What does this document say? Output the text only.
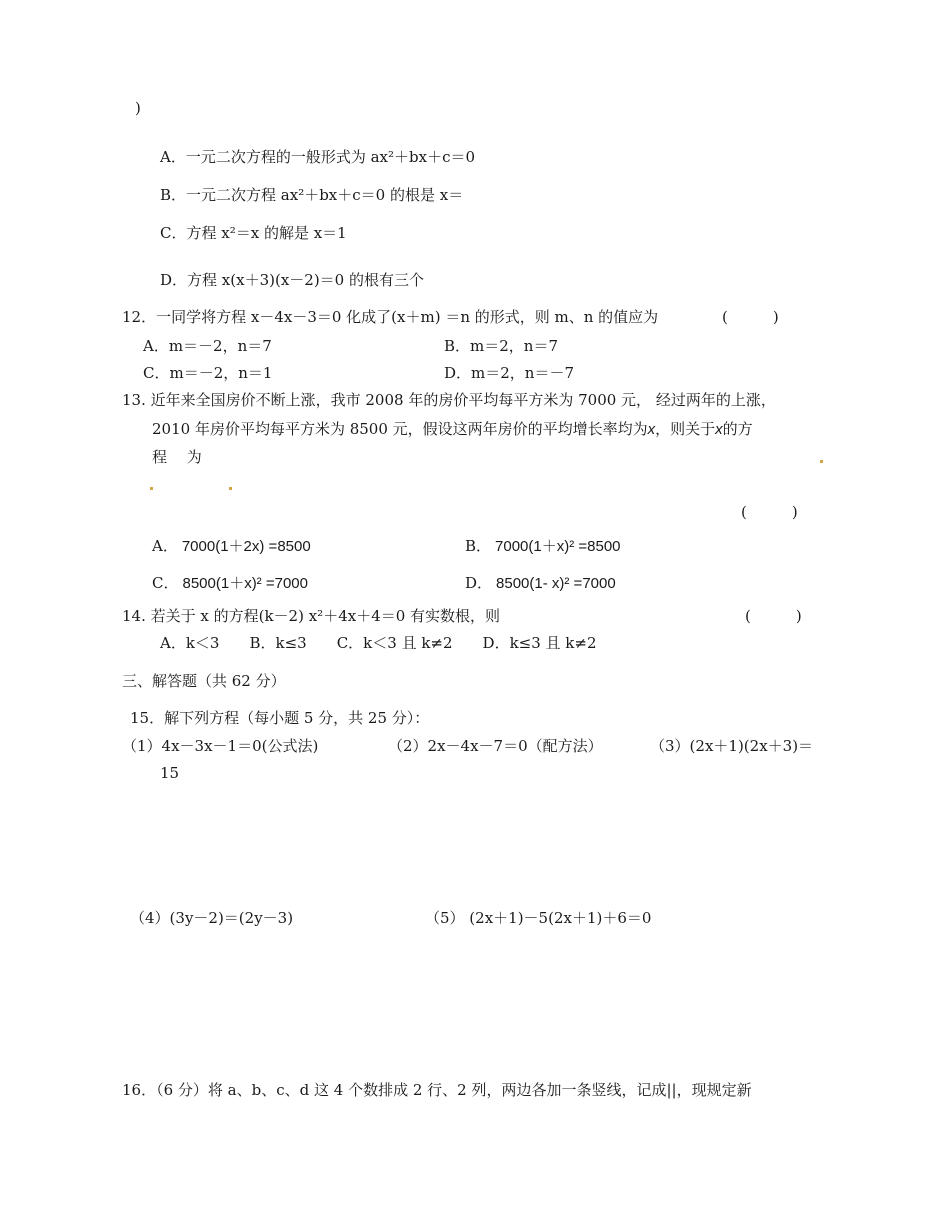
)
A．一元二次方程的一般形式为 ax²＋bx＋c＝0
B．一元二次方程 ax²＋bx＋c＝0 的根是 x＝
C．方程 x²＝x 的解是 x＝1
D．方程 x(x＋3)(x－2)＝0 的根有三个
12．一同学将方程 x－4x－3＝0 化成了(x＋m) ＝n 的形式，则 m、n 的值应为	(　　　)
A．m＝－2，n＝7	B．m＝2，n＝7
C．m＝－2，n＝1	D．m＝2，n＝－7
13. 近年来全国房价不断上涨，我市 2008 年的房价平均每平方米为 7000 元， 经过两年的上涨，
2010 年房价平均每平方米为 8500 元，假设这两年房价的平均增长率均为x，则关于x的方
程　 为
(　　　)
A． 7000(1＋2x) =8500	B． 7000(1＋x)² =8500
C． 8500(1＋x)² =7000	D． 8500(1- x)² =7000
14. 若关于 x 的方程(k－2) x²＋4x＋4＝0 有实数根，则	(　　　)
A．k＜3　　B．k≤3　　C．k＜3 且 k≠2　　D．k≤3 且 k≠2
三、解答题（共 62 分）
15．解下列方程（每小题 5 分，共 25 分）：
（1）4x－3x－1＝0(公式法)	（2）2x－4x－7＝0（配方法）	（3）(2x＋1)(2x＋3)＝
15
（4）(3y－2)＝(2y－3)	（5） (2x＋1)－5(2x＋1)＋6＝0
16．（6 分）将 a、b、c、d 这 4 个数排成 2 行、2 列，两边各加一条竖线，记成||，现规定新
